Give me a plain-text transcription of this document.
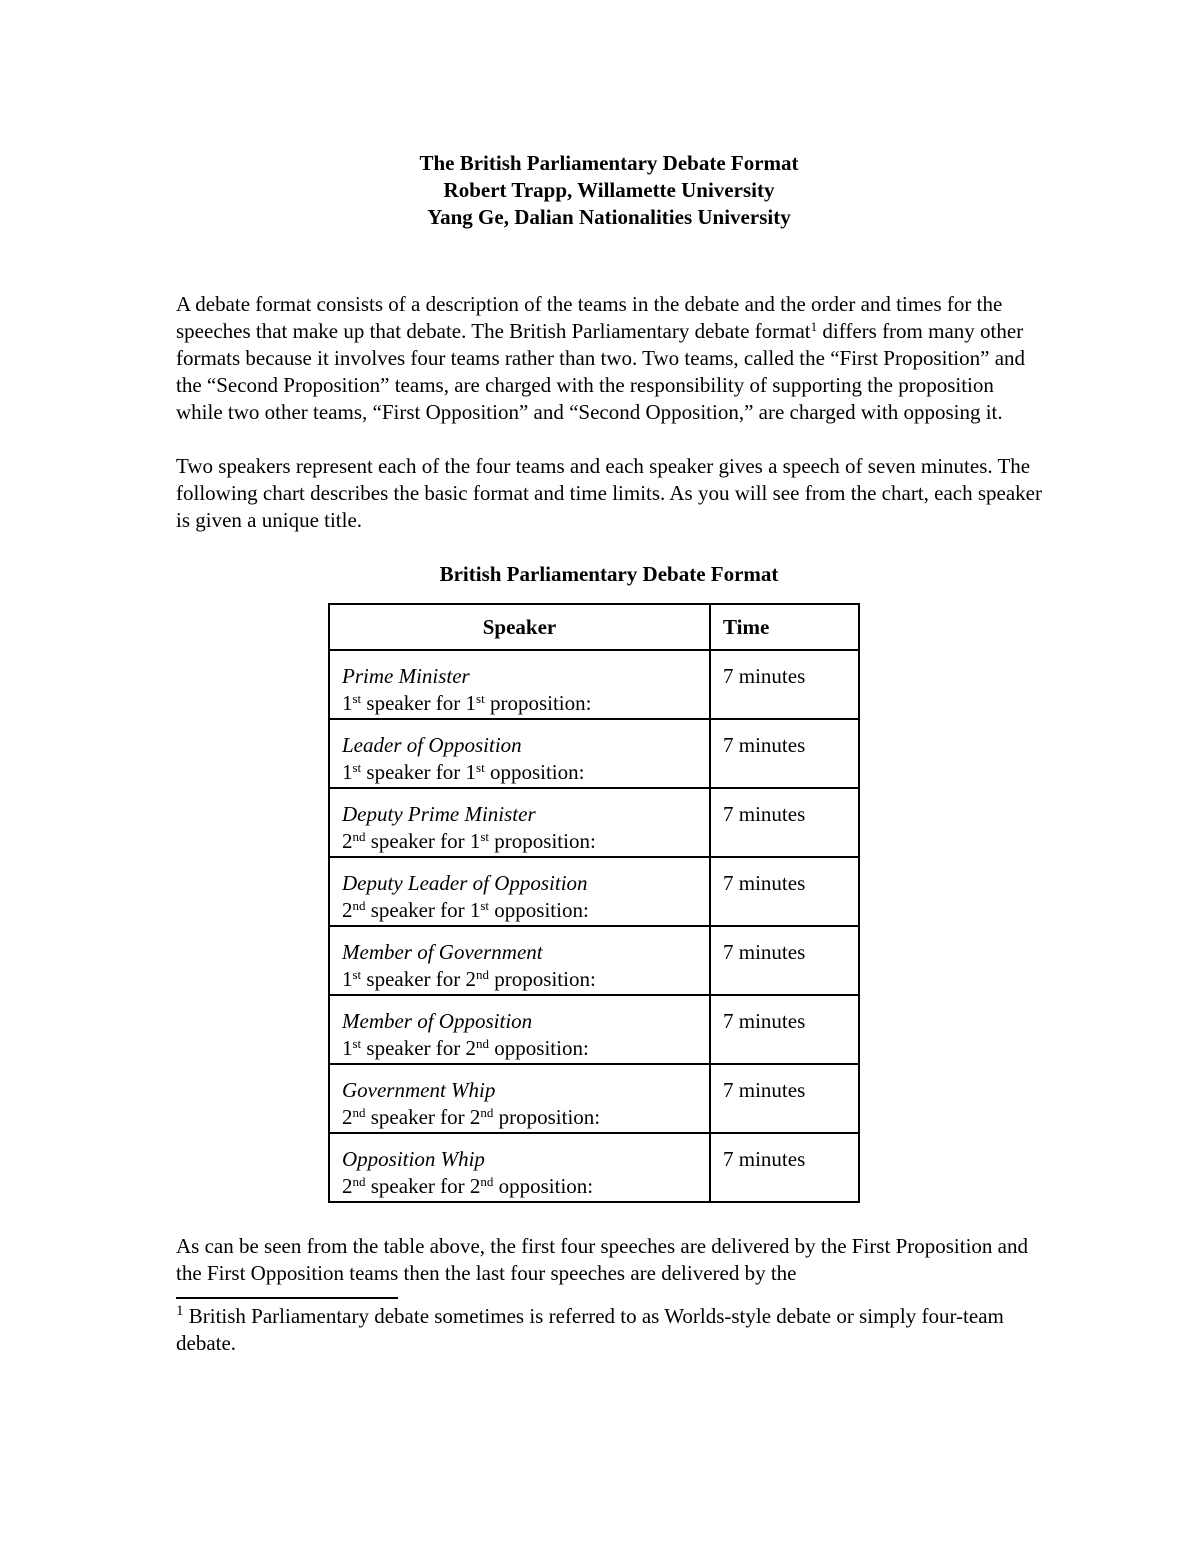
The British Parliamentary Debate Format
Robert Trapp, Willamette University
Yang Ge, Dalian Nationalities University

A debate format consists of a description of the teams in the debate and the order and times for the speeches that make up that debate. The British Parliamentary debate format$^1$ differs from many other formats because it involves four teams rather than two. Two teams, called the “First Proposition” and the “Second Proposition” teams, are charged with the responsibility of supporting the proposition while two other teams, “First Opposition” and “Second Opposition,” are charged with opposing it.

Two speakers represent each of the four teams and each speaker gives a speech of seven minutes. The following chart describes the basic format and time limits. As you will see from the chart, each speaker is given a unique title.

British Parliamentary Debate Format
Speaker	Time

Prime Minister
1st speaker for 1st proposition:	7 minutes

Leader of Opposition
1st speaker for 1st opposition:	7 minutes

Deputy Prime Minister
2nd speaker for 1st proposition:	7 minutes

Deputy Leader of Opposition
2nd speaker for 1st opposition:	7 minutes

Member of Government
1st speaker for 2nd proposition:	7 minutes

Member of Opposition
1st speaker for 2nd opposition:	7 minutes

Government Whip
2nd speaker for 2nd proposition:	7 minutes

Opposition Whip
2nd speaker for 2nd opposition:	7 minutes

As can be seen from the table above, the first four speeches are delivered by the First Proposition and the First Opposition teams then the last four speeches are delivered by the

$^1$ British Parliamentary debate sometimes is referred to as Worlds-style debate or simply four-team debate.
